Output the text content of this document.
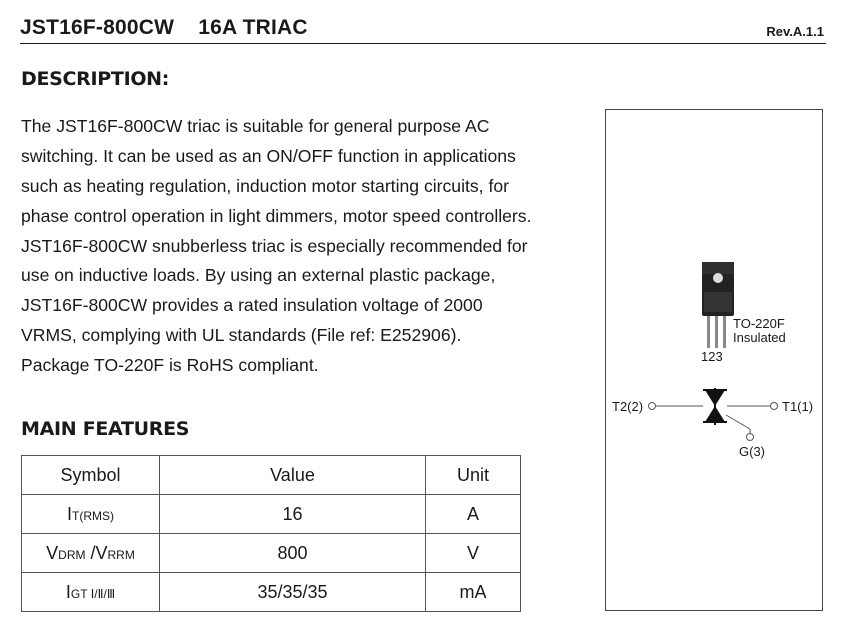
JST16F-800CW    16A TRIAC	Rev.A.1.1
DESCRIPTION:
The JST16F-800CW triac is suitable for general purpose AC
switching. It can be used as an ON/OFF function in applications
such as heating regulation, induction motor starting circuits, for
phase control operation in light dimmers, motor speed controllers.
JST16F-800CW snubberless triac is especially recommended for
use on inductive loads. By using an external plastic package,
JST16F-800CW provides a rated insulation voltage of 2000
VRMS, complying with UL standards (File ref: E252906).
Package TO-220F is RoHS compliant.
MAIN FEATURES
Symbol	Value	Unit
IT(RMS)	16	A
VDRM /VRRM	800	V
IGT Ⅰ/Ⅱ/Ⅲ	35/35/35	mA
TO-220F
Insulated
123
T2(2)	T1(1)
G(3)
